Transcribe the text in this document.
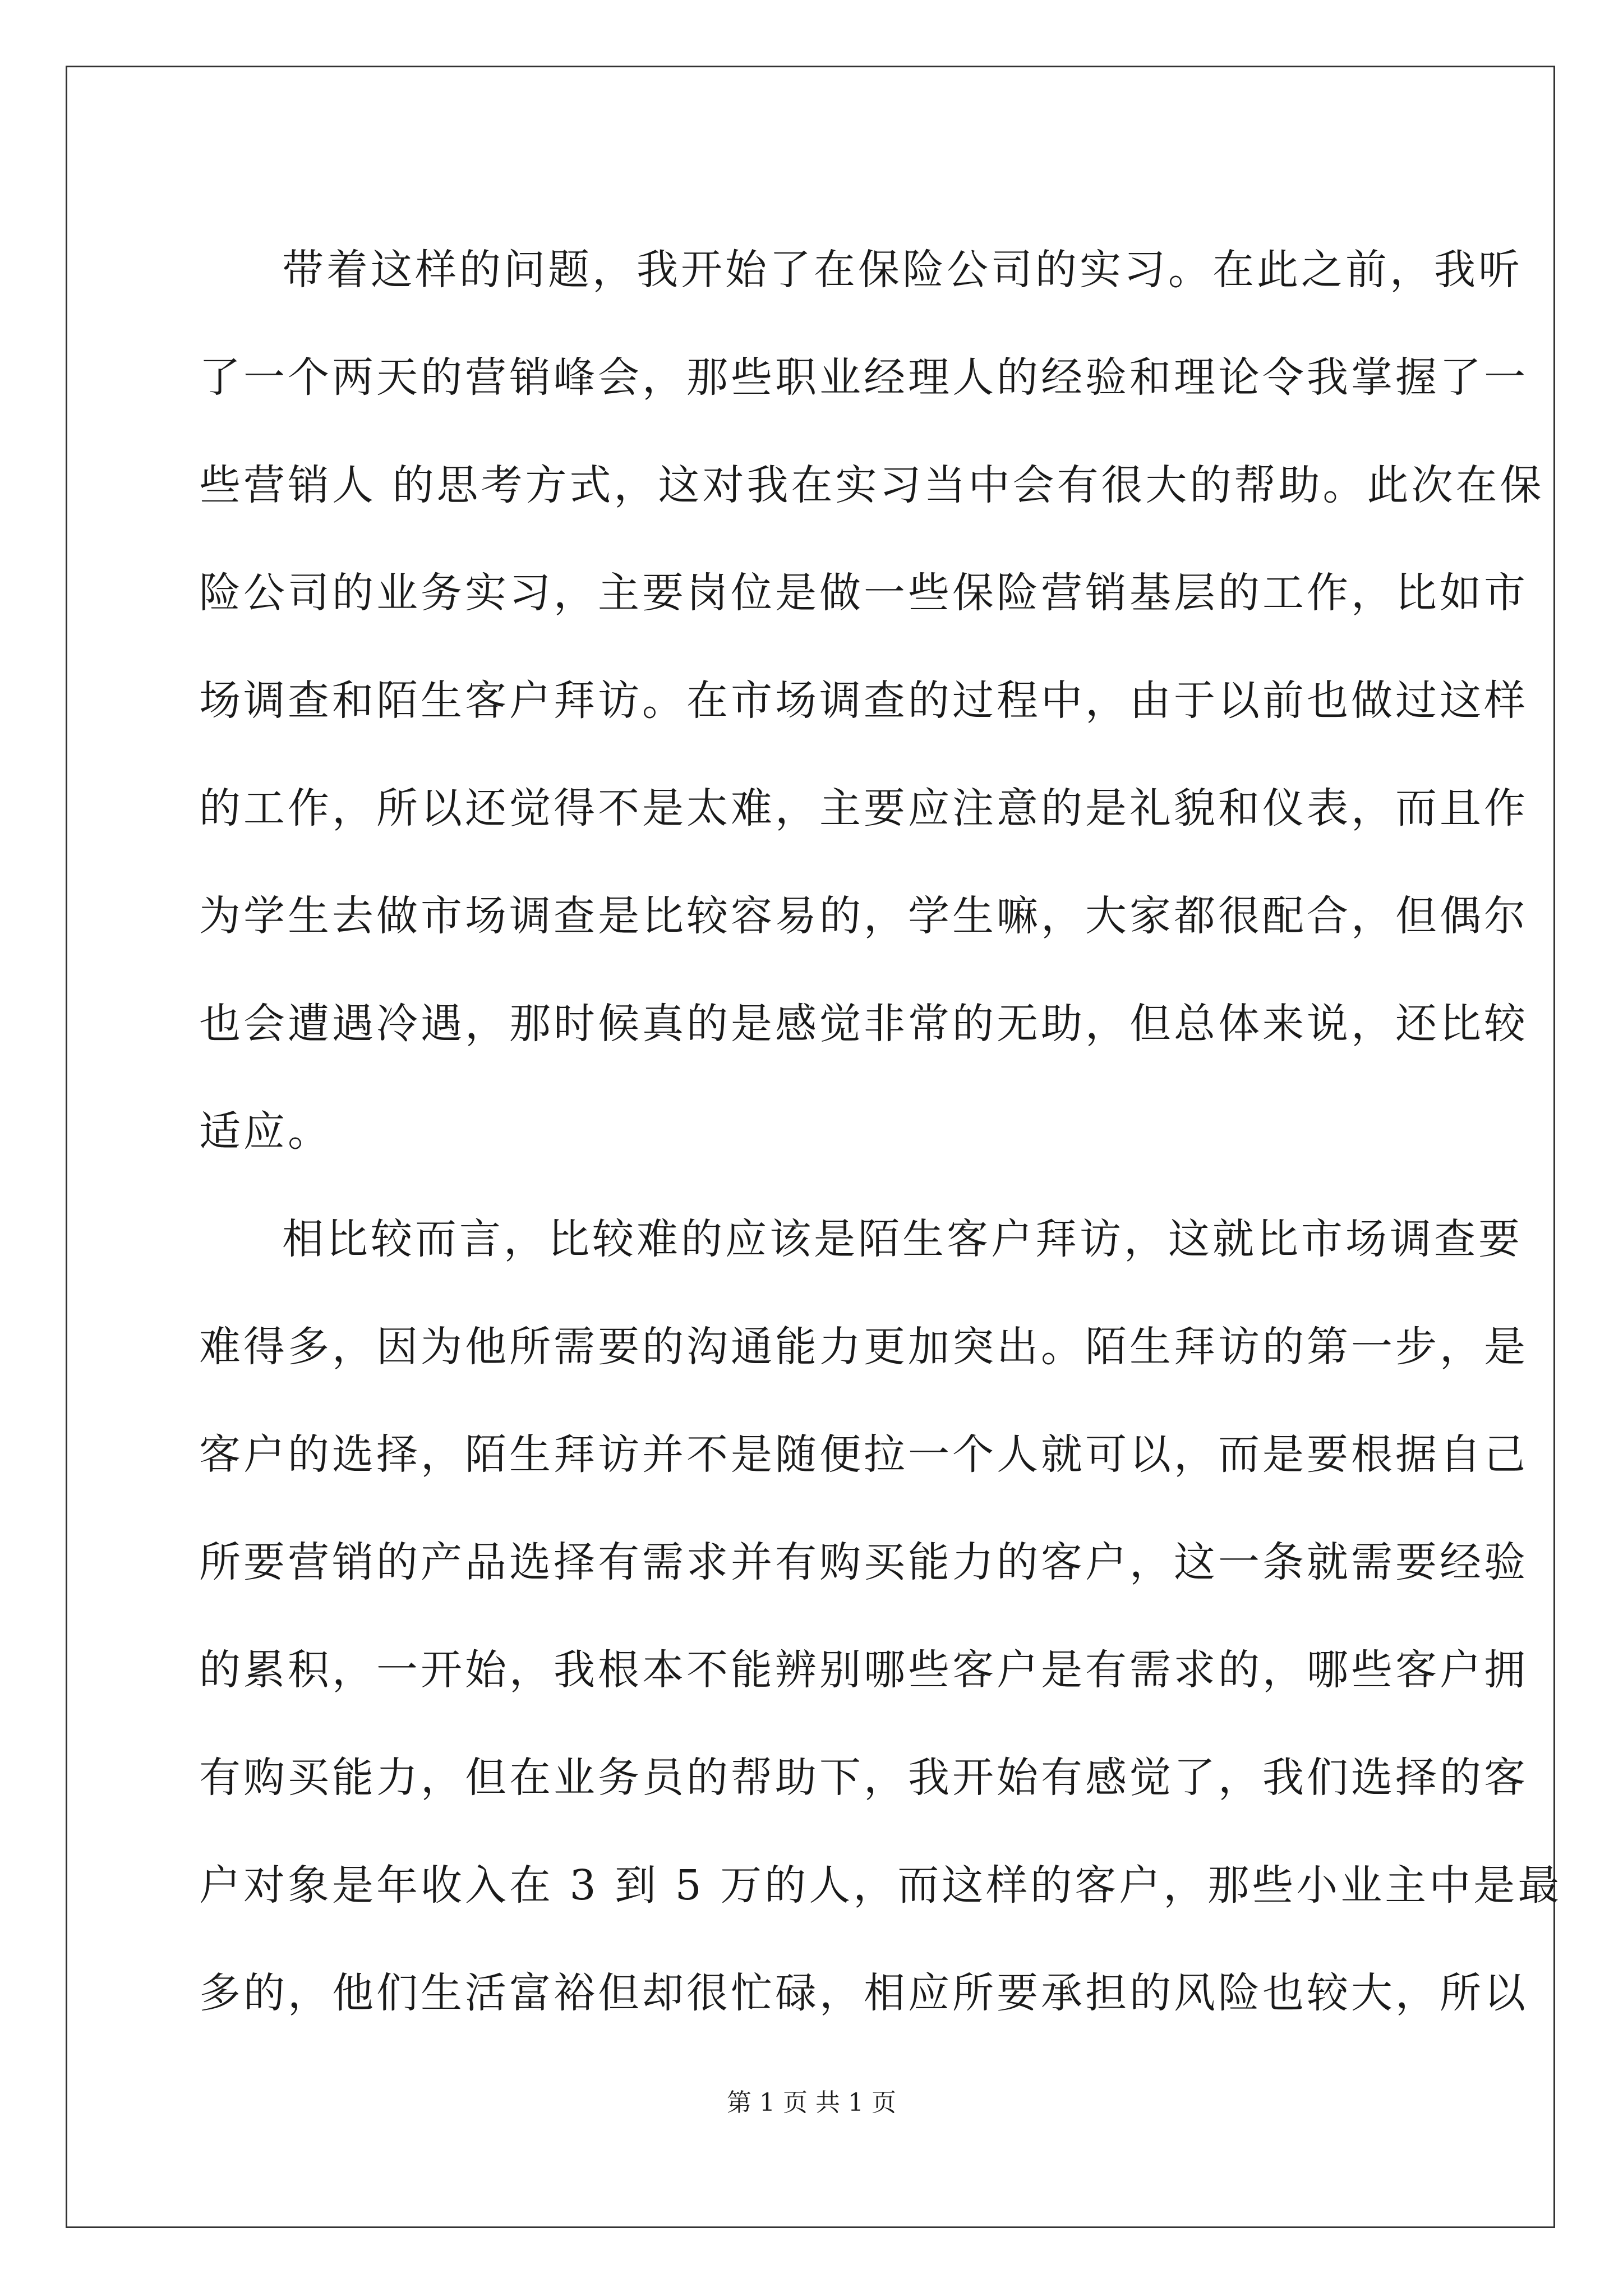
带着这样的问题，我开始了在保险公司的实习。在此之前，我听
了一个两天的营销峰会，那些职业经理人的经验和理论令我掌握了一
些营销人 的思考方式，这对我在实习当中会有很大的帮助。此次在保
险公司的业务实习，主要岗位是做一些保险营销基层的工作，比如市
场调查和陌生客户拜访。在市场调查的过程中，由于以前也做过这样
的工作，所以还觉得不是太难，主要应注意的是礼貌和仪表，而且作
为学生去做市场调查是比较容易的，学生嘛，大家都很配合，但偶尔
也会遭遇冷遇，那时候真的是感觉非常的无助，但总体来说，还比较
适应。

相比较而言，比较难的应该是陌生客户拜访，这就比市场调查要
难得多，因为他所需要的沟通能力更加突出。陌生拜访的第一步，是
客户的选择，陌生拜访并不是随便拉一个人就可以，而是要根据自己
所要营销的产品选择有需求并有购买能力的客户，这一条就需要经验
的累积，一开始，我根本不能辨别哪些客户是有需求的，哪些客户拥
有购买能力，但在业务员的帮助下，我开始有感觉了，我们选择的客
户对象是年收入在 3 到 5 万的人，而这样的客户，那些小业主中是最
多的，他们生活富裕但却很忙碌，相应所要承担的风险也较大，所以

第 1 页 共 1 页
